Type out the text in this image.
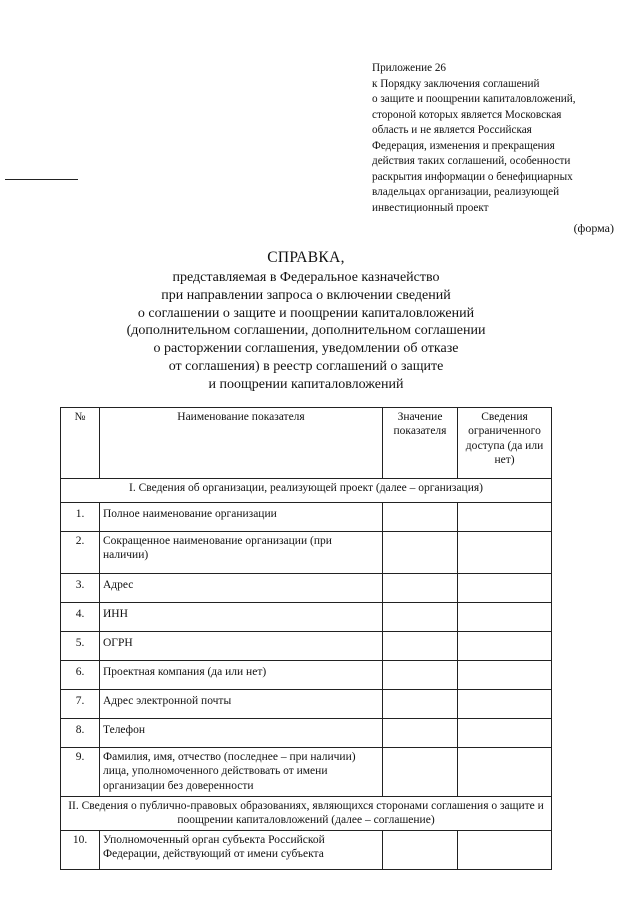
Приложение 26
к Порядку заключения соглашений
о защите и поощрении капиталовложений,
стороной которых является Московская
область и не является Российская
Федерация, изменения и прекращения
действия таких соглашений, особенности
раскрытия информации о бенефициарных
владельцах организации, реализующей
инвестиционный проект
(форма)
СПРАВКА,
представляемая в Федеральное казначейство
при направлении запроса о включении сведений
о соглашении о защите и поощрении капиталовложений
(дополнительном соглашении, дополнительном соглашении
о расторжении соглашения, уведомлении об отказе
от соглашения) в реестр соглашений о защите
и поощрении капиталовложений
№	Наименование показателя	Значение показателя	Сведения ограниченного доступа (да или нет)
I. Сведения об организации, реализующей проект (далее – организация)			
1.	Полное наименование организации		
2.	Сокращенное наименование организации (при наличии)		
3.	Адрес		
4.	ИНН		
5.	ОГРН		
6.	Проектная компания (да или нет)		
7.	Адрес электронной почты		
8.	Телефон		
9.	Фамилия, имя, отчество (последнее – при наличии) лица, уполномоченного действовать от имени организации без доверенности		
II. Сведения о публично-правовых образованиях, являющихся сторонами соглашения о защите и поощрении капиталовложений (далее – соглашение)			
10.	Уполномоченный орган субъекта Российской Федерации, действующий от имени субъекта		
